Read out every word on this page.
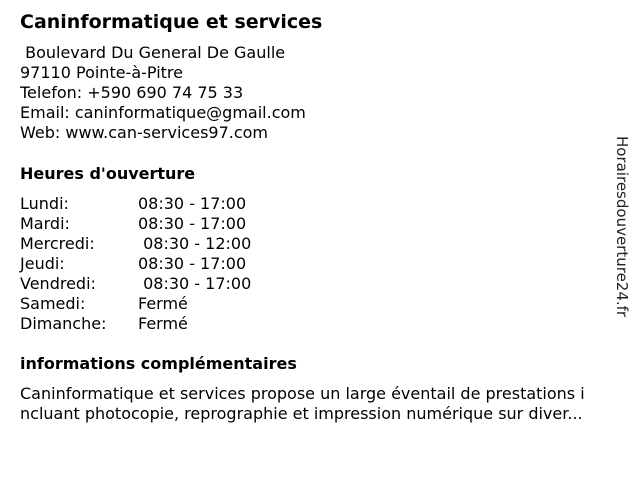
Caninformatique et services
Boulevard Du General De Gaulle
97110 Pointe-à-Pitre
Telefon: +590 690 74 75 33
Email: caninformatique@gmail.com
Web: www.can-services97.com
Heures d'ouverture
Lundi:	08:30 - 17:00
Mardi:	08:30 - 17:00
Mercredi:	08:30 - 12:00
Jeudi:	08:30 - 17:00
Vendredi:	08:30 - 17:00
Samedi:	Fermé
Dimanche: Fermé
informations complémentaires
Caninformatique et services propose un large éventail de prestations i
ncluant photocopie, reprographie et impression numérique sur diver...
Horairesdouverture24.fr
